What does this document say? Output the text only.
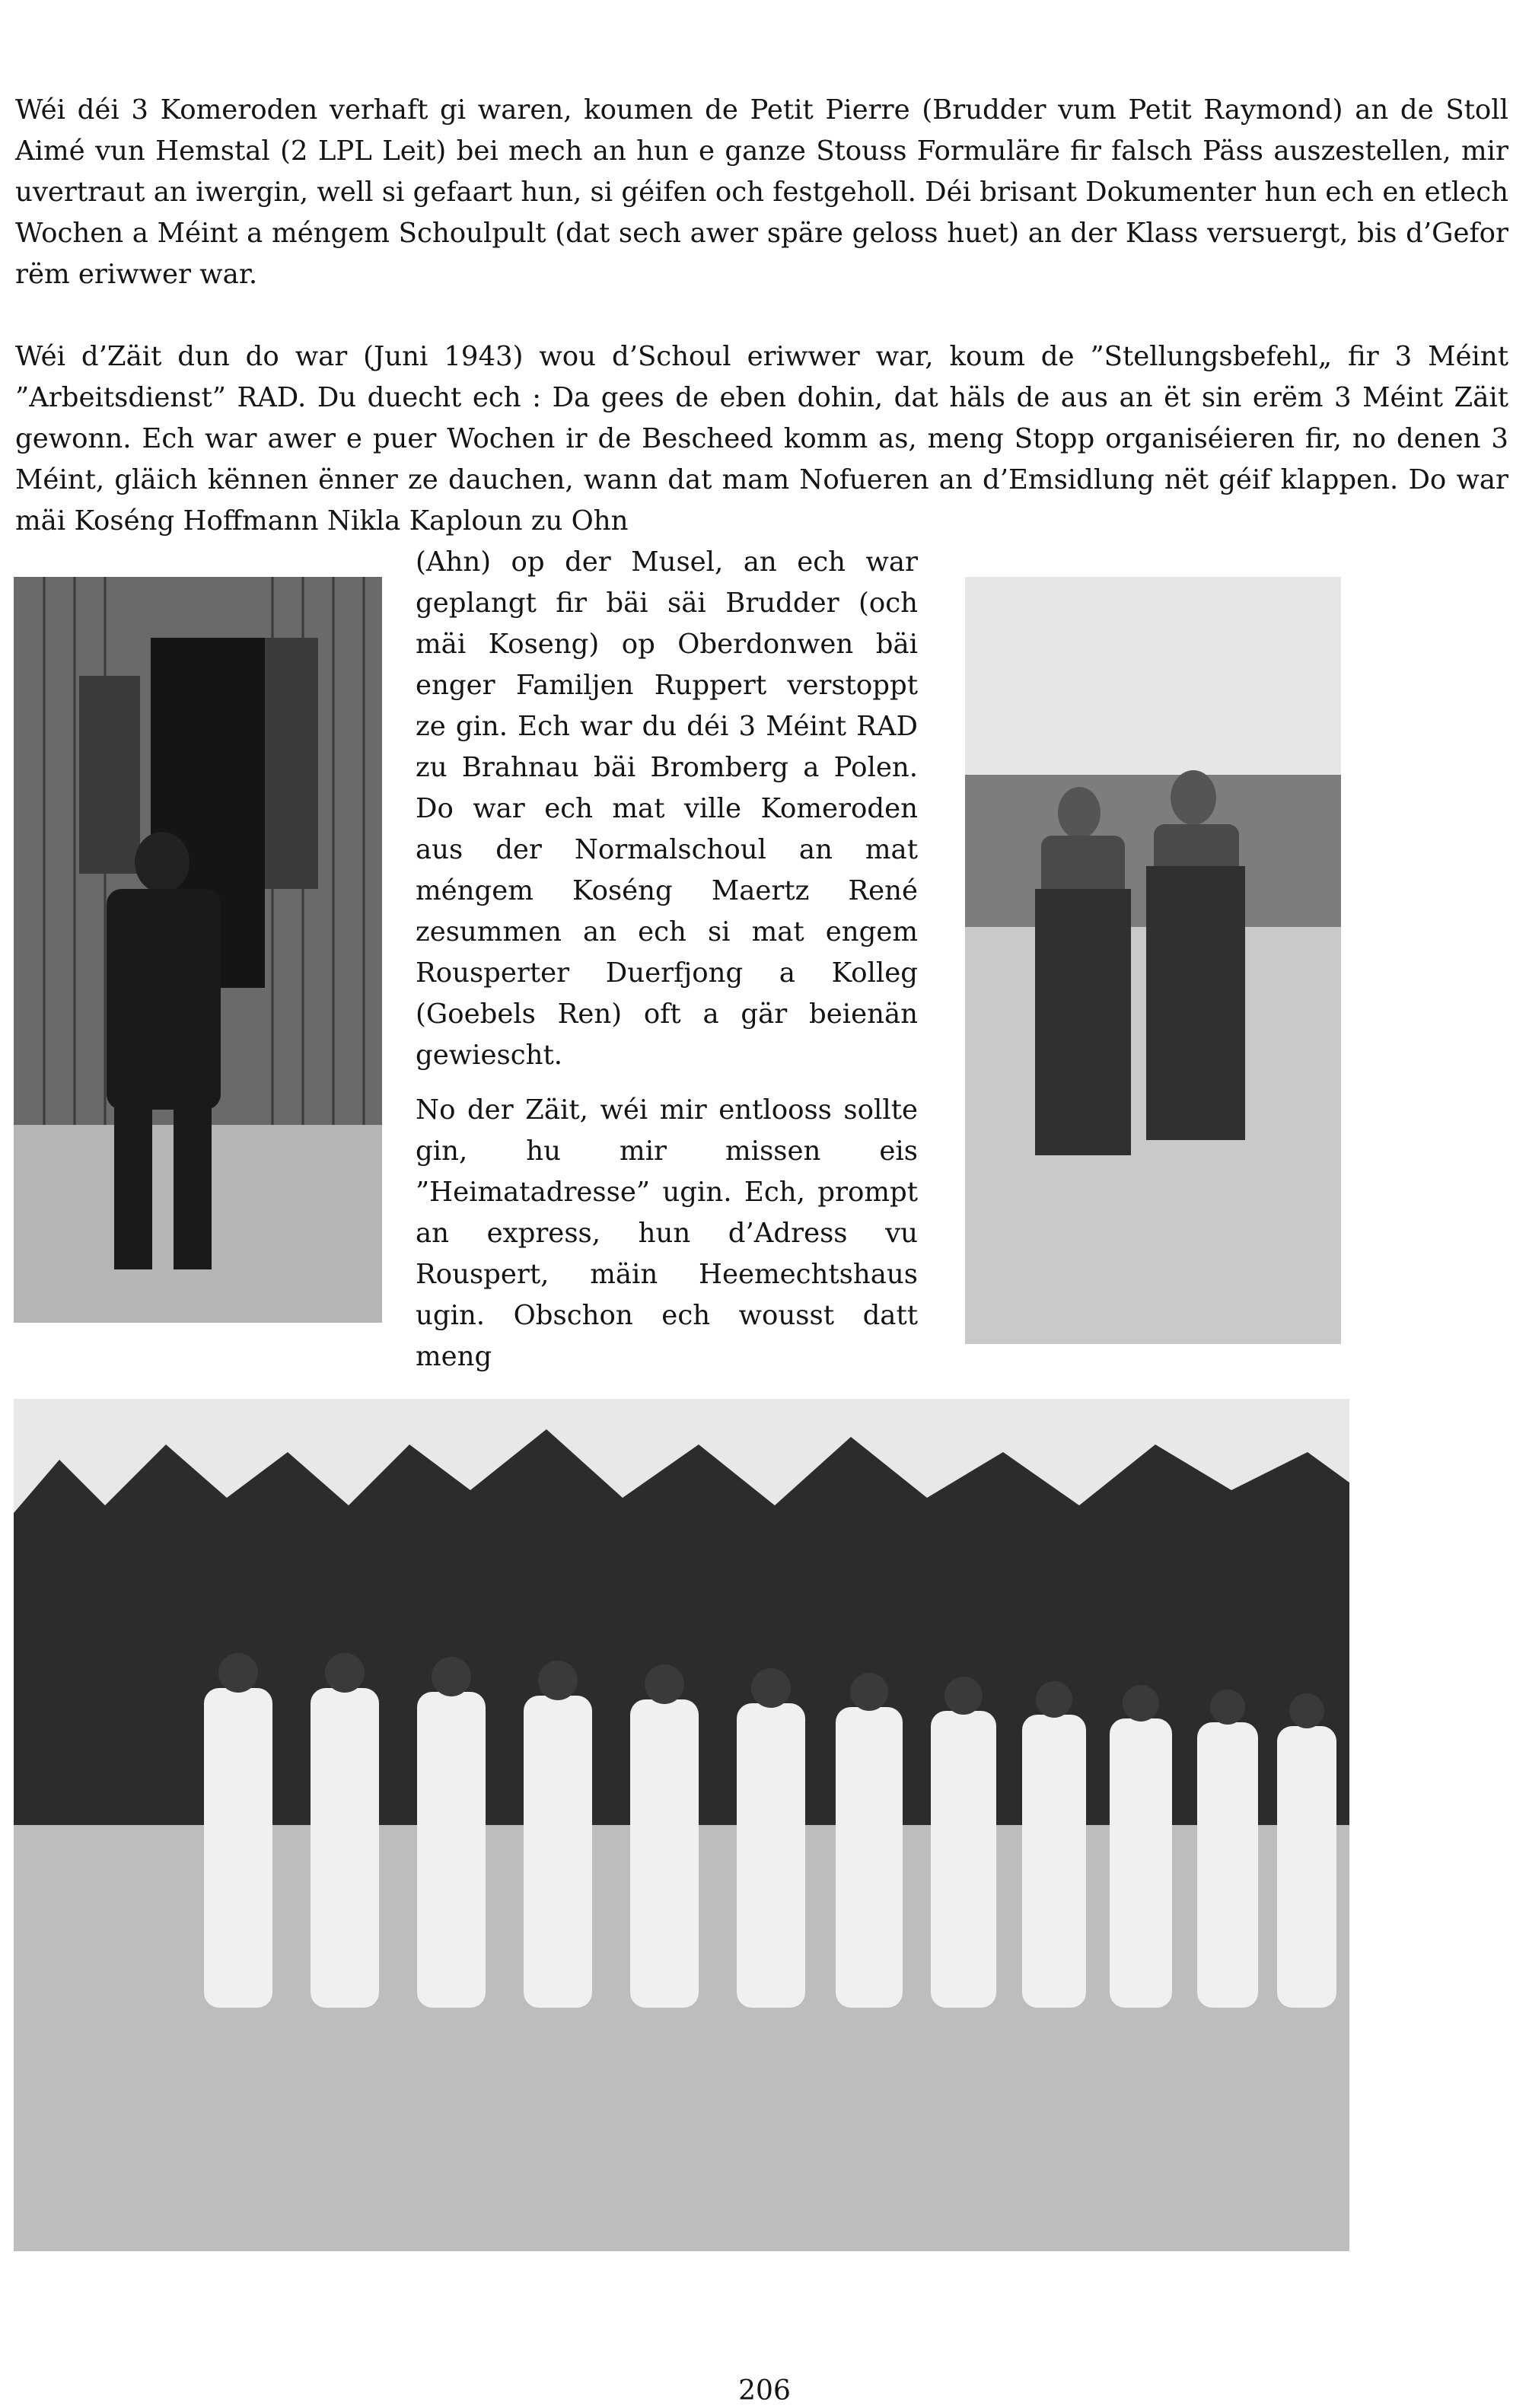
Wéi déi 3 Komeroden verhaft gi waren, koumen de Petit Pierre (Brudder vum Petit Raymond) an de Stoll Aimé vun Hemstal (2 LPL Leit) bei mech an hun e ganze Stouss Formuläre fir falsch Päss auszestellen, mir uvertraut an iwergin, well si gefaart hun, si géifen och festgeholl. Déi brisant Dokumenter hun ech en etlech Wochen a Méint a méngem Schoulpult (dat sech awer späre geloss huet) an der Klass versuergt, bis d’Gefor rëm eriwwer war.

Wéi d’Zäit dun do war (Juni 1943) wou d’Schoul eriwwer war, koum de ”Stellungsbefehl„ fir 3 Méint ”Arbeitsdienst” RAD. Du duecht ech : Da gees de eben dohin, dat häls de aus an ët sin erëm 3 Méint Zäit gewonn. Ech war awer e puer Wochen ir de Bescheed komm as, meng Stopp organiséieren fir, no denen 3 Méint, gläich kënnen ënner ze dauchen, wann dat mam Nofueren an d’Emsidlung nët géif klappen. Do war mäi Koséng Hoffmann Nikla Kaploun zu Ohn

(Ahn) op der Musel, an ech war geplangt fir bäi säi Brudder (och mäi Koseng) op Oberdonwen bäi enger Familjen Ruppert verstoppt ze gin. Ech war du déi 3 Méint RAD zu Brahnau bäi Bromberg a Polen. Do war ech mat ville Komeroden aus der Normalschoul an mat méngem Koséng Maertz René zesummen an ech si mat engem Rousperter Duerfjong a Kolleg (Goebels Ren) oft a gär beienän gewiescht.

No der Zäit, wéi mir entlooss sollte gin, hu mir missen eis ”Heimatadresse” ugin. Ech, prompt an express, hun d’Adress vu Rouspert, mäin Heemechtshaus ugin. Obschon ech wousst datt meng

206
